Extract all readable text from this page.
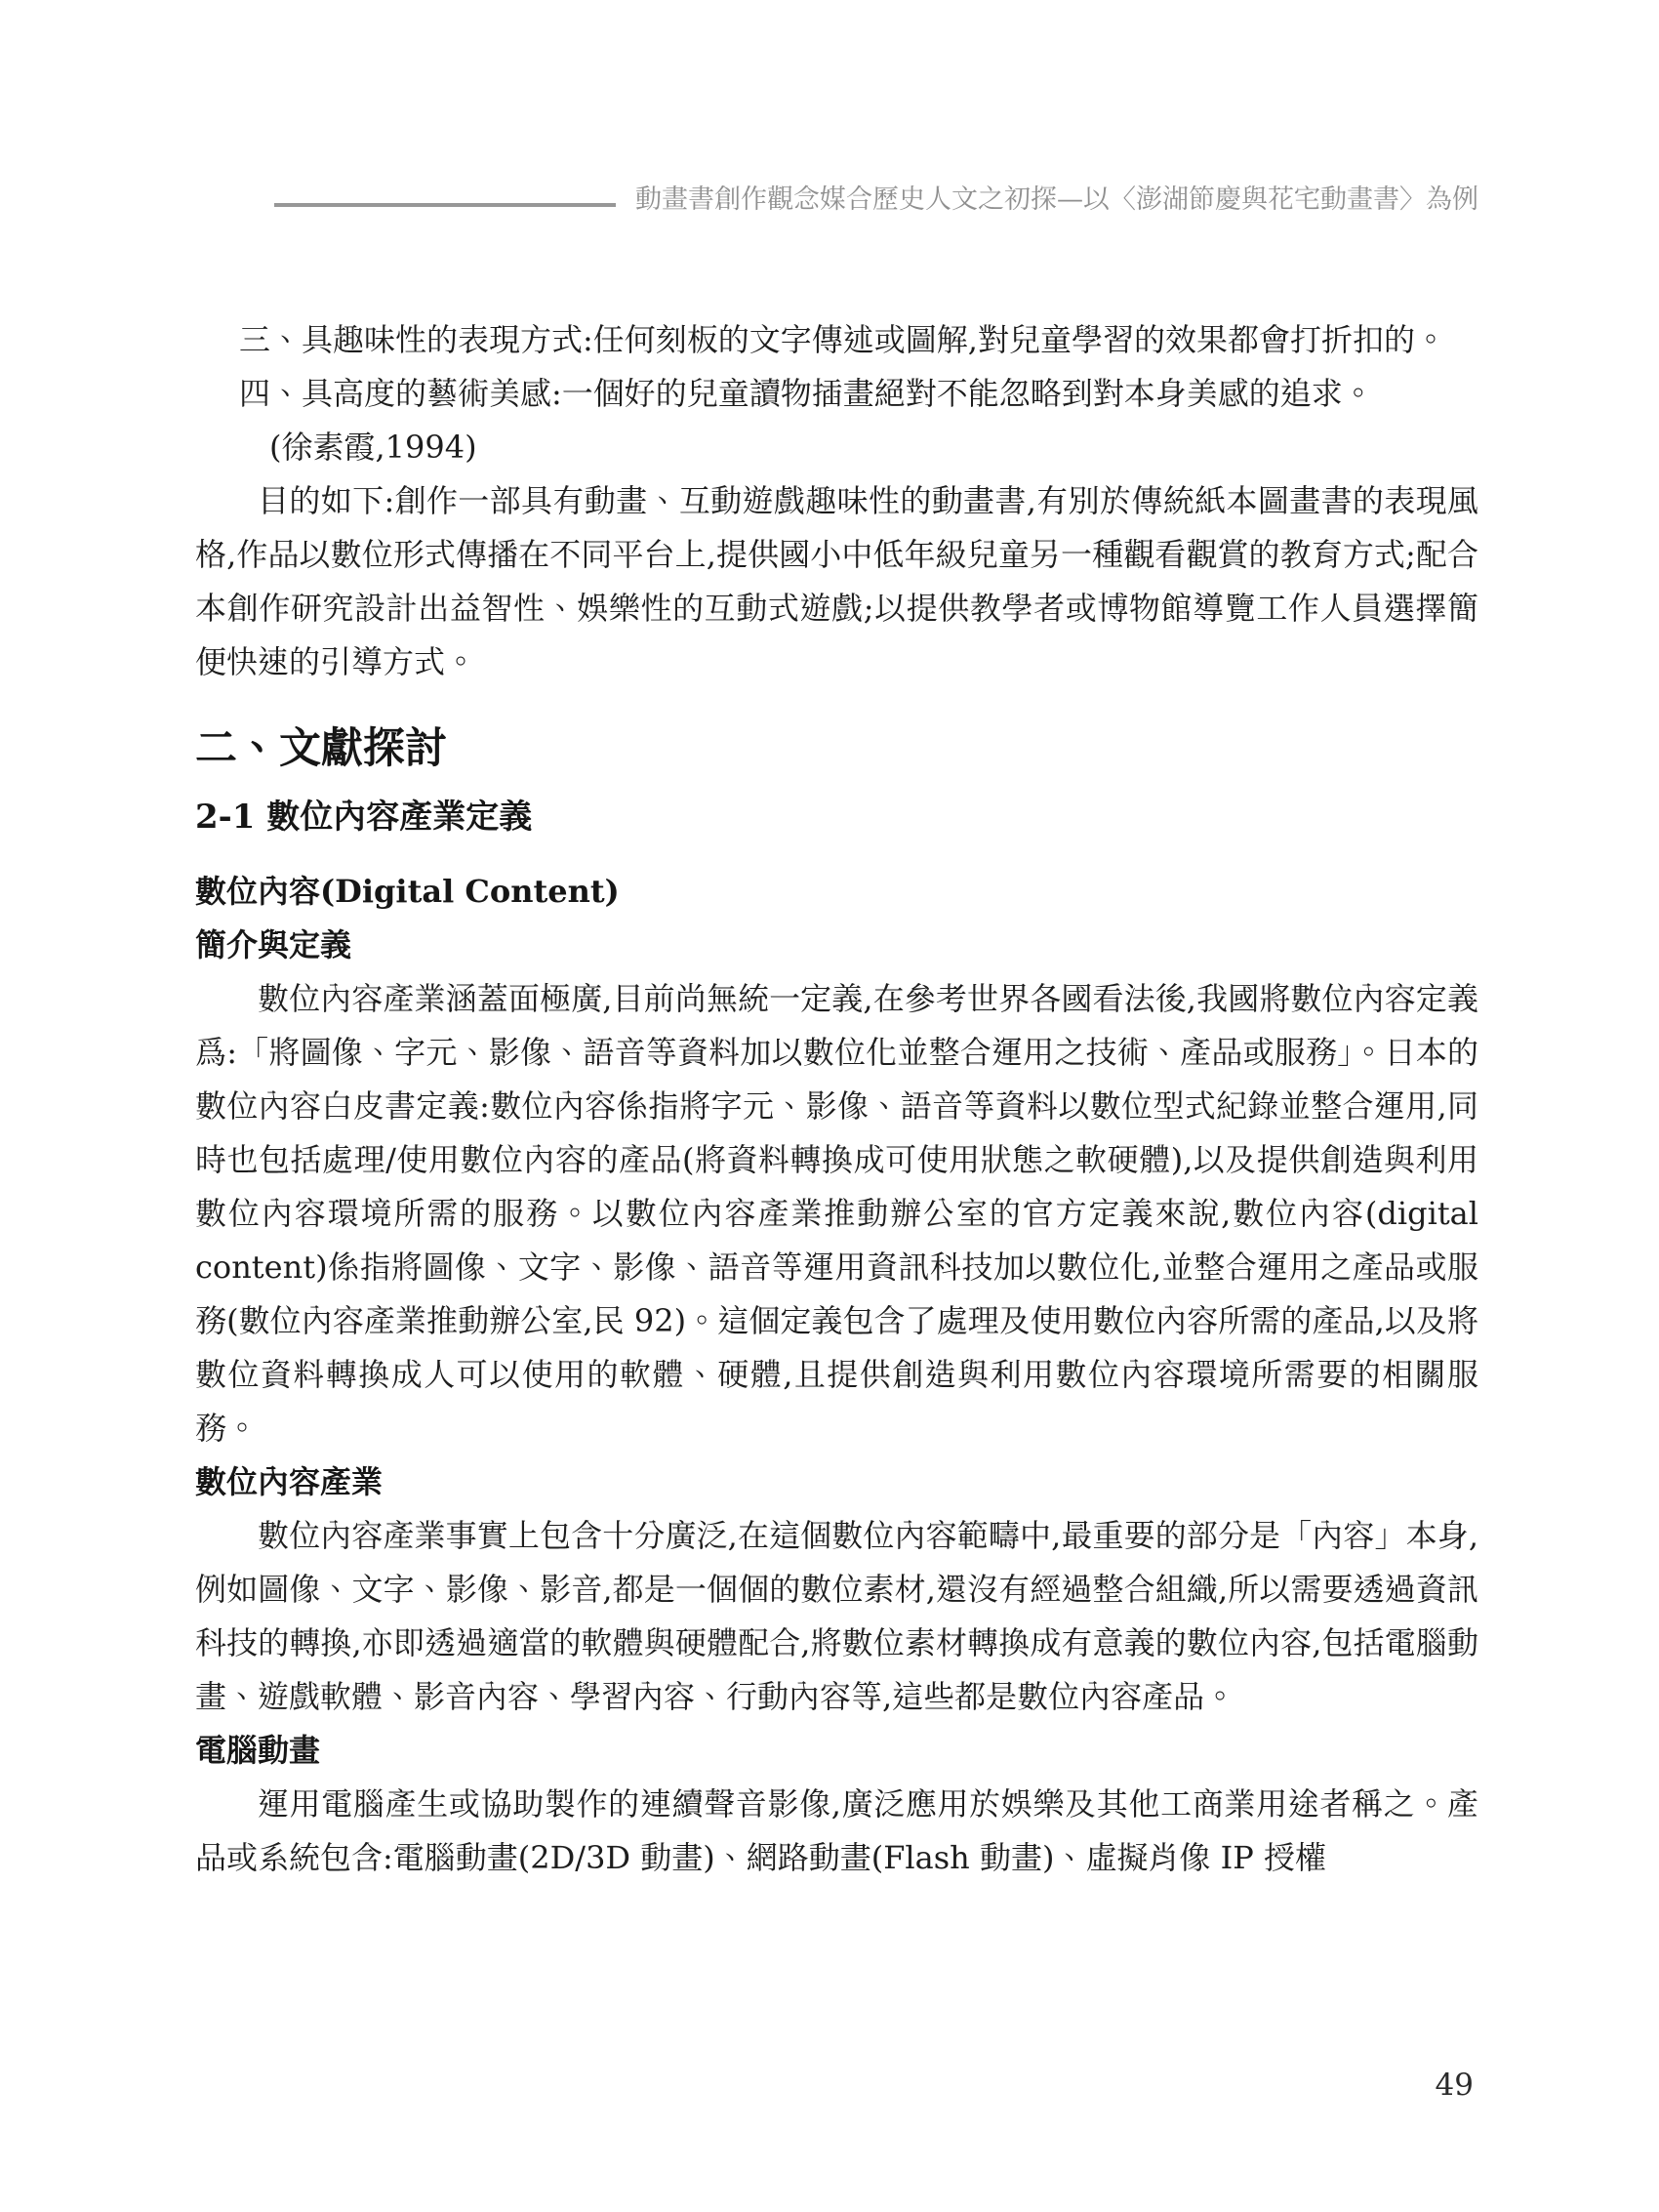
動畫書創作觀念媒合歷史人文之初探—以〈澎湖節慶與花宅動畫書〉為例
三、具趣味性的表現方式:任何刻板的文字傳述或圖解,對兒童學習的效果都會打折扣的。
四、具高度的藝術美感:一個好的兒童讀物插畫絕對不能忽略到對本身美感的追求。
(徐素霞,1994)
目的如下:創作一部具有動畫、互動遊戲趣味性的動畫書,有別於傳統紙本圖畫書的表現風格,作品以數位形式傳播在不同平台上,提供國小中低年級兒童另一種觀看觀賞的教育方式;配合本創作研究設計出益智性、娛樂性的互動式遊戲;以提供教學者或博物館導覽工作人員選擇簡便快速的引導方式。
二、文獻探討
2-1 數位內容產業定義
數位內容(Digital Content)
簡介與定義
數位內容產業涵蓋面極廣,目前尚無統一定義,在參考世界各國看法後,我國將數位內容定義爲:「將圖像、字元、影像、語音等資料加以數位化並整合運用之技術、產品或服務」。日本的數位內容白皮書定義:數位內容係指將字元、影像、語音等資料以數位型式紀錄並整合運用,同時也包括處理/使用數位內容的產品(將資料轉換成可使用狀態之軟硬體),以及提供創造與利用數位內容環境所需的服務。以數位內容產業推動辦公室的官方定義來說,數位內容(digital content)係指將圖像、文字、影像、語音等運用資訊科技加以數位化,並整合運用之產品或服務(數位內容產業推動辦公室,民 92)。這個定義包含了處理及使用數位內容所需的產品,以及將數位資料轉換成人可以使用的軟體、硬體,且提供創造與利用數位內容環境所需要的相關服務。
數位內容產業
數位內容產業事實上包含十分廣泛,在這個數位內容範疇中,最重要的部分是「內容」本身,例如圖像、文字、影像、影音,都是一個個的數位素材,還沒有經過整合組織,所以需要透過資訊科技的轉換,亦即透過適當的軟體與硬體配合,將數位素材轉換成有意義的數位內容,包括電腦動畫、遊戲軟體、影音內容、學習內容、行動內容等,這些都是數位內容產品。
電腦動畫
運用電腦產生或協助製作的連續聲音影像,廣泛應用於娛樂及其他工商業用途者稱之。產品或系統包含:電腦動畫(2D/3D 動畫)、網路動畫(Flash 動畫)、虛擬肖像 IP 授權
49
